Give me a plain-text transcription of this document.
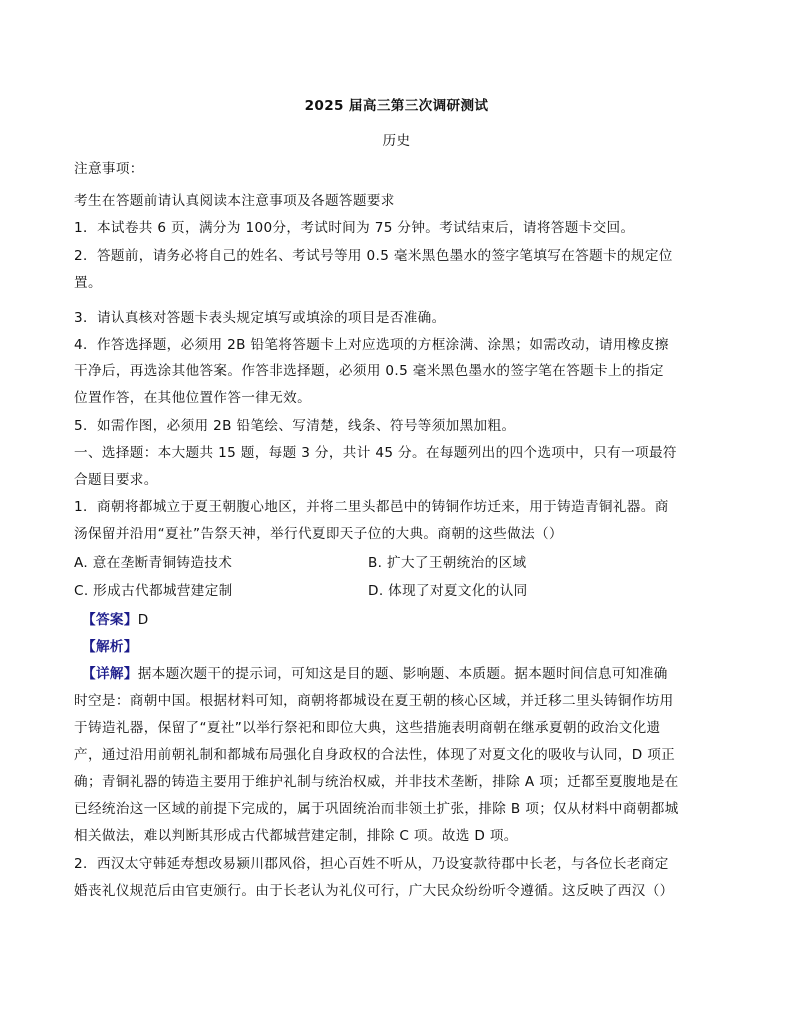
2025 届高三第三次调研测试
历史
注意事项：
考生在答题前请认真阅读本注意事项及各题答题要求
1．本试卷共 6 页，满分为 100分，考试时间为 75 分钟。考试结束后，请将答题卡交回。
2．答题前，请务必将自己的姓名、考试号等用 0.5 毫米黑色墨水的签字笔填写在答题卡的规定位
置。
3．请认真核对答题卡表头规定填写或填涂的项目是否准确。
4．作答选择题，必须用 2B 铅笔将答题卡上对应选项的方框涂满、涂黑；如需改动，请用橡皮擦
干净后，再选涂其他答案。作答非选择题，必须用 0.5 毫米黑色墨水的签字笔在答题卡上的指定
位置作答，在其他位置作答一律无效。
5．如需作图，必须用 2B 铅笔绘、写清楚，线条、符号等须加黑加粗。
一、选择题：本大题共 15 题，每题 3 分，共计 45 分。在每题列出的四个选项中，只有一项最符
合题目要求。
1．商朝将都城立于夏王朝腹心地区，并将二里头都邑中的铸铜作坊迁来，用于铸造青铜礼器。商
汤保留并沿用“夏社”告祭天神，举行代夏即天子位的大典。商朝的这些做法（）
A. 意在垄断青铜铸造技术	B. 扩大了王朝统治的区域
C. 形成古代都城营建定制	D. 体现了对夏文化的认同
【答案】D
【解析】
【详解】据本题次题干的提示词，可知这是目的题、影响题、本质题。据本题时间信息可知准确
时空是：商朝中国。根据材料可知，商朝将都城设在夏王朝的核心区域，并迁移二里头铸铜作坊用
于铸造礼器，保留了“夏社”以举行祭祀和即位大典，这些措施表明商朝在继承夏朝的政治文化遗
产，通过沿用前朝礼制和都城布局强化自身政权的合法性，体现了对夏文化的吸收与认同，D 项正
确；青铜礼器的铸造主要用于维护礼制与统治权威，并非技术垄断，排除 A 项；迁都至夏腹地是在
已经统治这一区域的前提下完成的，属于巩固统治而非领土扩张，排除 B 项；仅从材料中商朝都城
相关做法，难以判断其形成古代都城营建定制，排除 C 项。故选 D 项。
2．西汉太守韩延寿想改易颍川郡风俗，担心百姓不听从，乃设宴款待郡中长老，与各位长老商定
婚丧礼仪规范后由官吏颁行。由于长老认为礼仪可行，广大民众纷纷听令遵循。这反映了西汉（）
